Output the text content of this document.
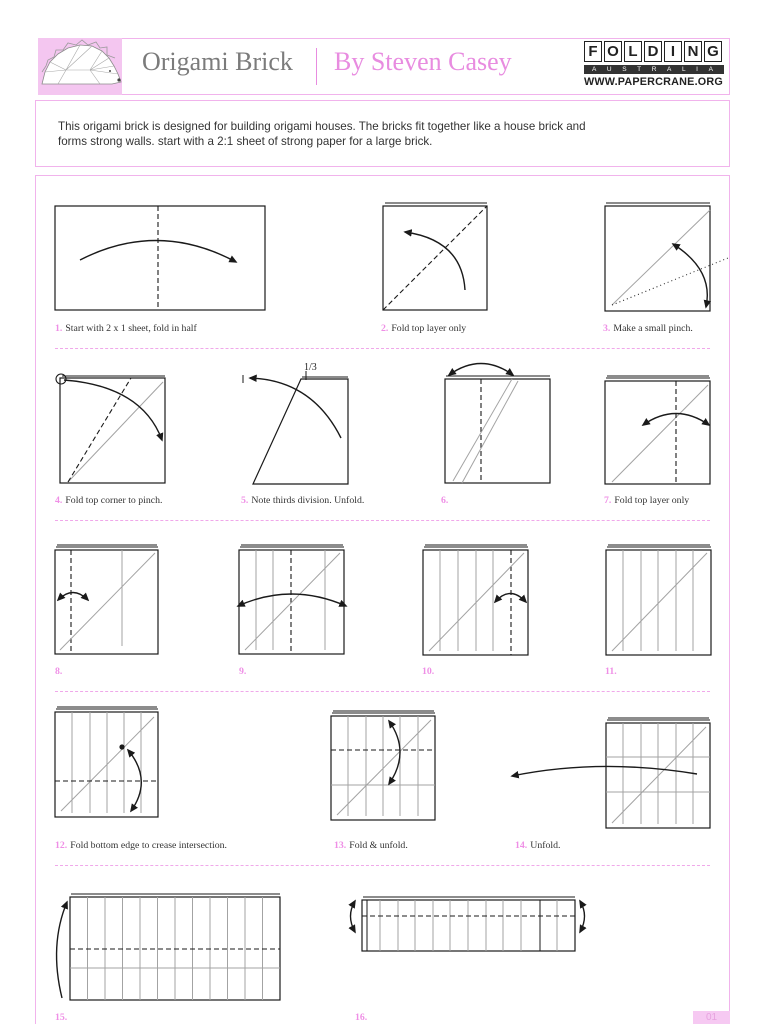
Origami Brick By Steven Casey	F O L D I N G
AUSTRALIA
WWW.PAPERCRANE.ORG
This origami brick is designed for building origami houses. The bricks fit together like a house brick and
forms strong walls. start with a 2:1 sheet of strong paper for a large brick.
1. Start with 2 x 1 sheet, fold in half	2. Fold top layer only	3. Make a small pinch.
4. Fold top corner to pinch.	5. Note thirds division. Unfold.	6.	7. Fold top layer only
8.	9.	10.	11.
12. Fold bottom edge to crease intersection.	13. Fold & unfold.	14. Unfold.
15.	16.	01
1/3
